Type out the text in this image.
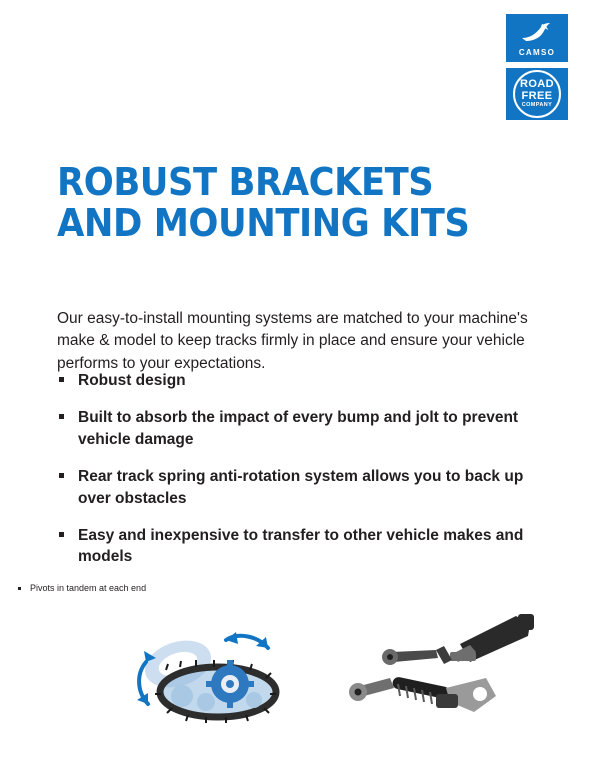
CAMSO
ROAD
FREE
COMPANY
ROBUST BRACKETS
AND MOUNTING KITS

Our easy-to-install mounting systems are matched to your machine's make & model to keep tracks firmly in place and ensure your vehicle performs to your expectations.

Robust design
Built to absorb the impact of every bump and jolt to prevent vehicle damage
Rear track spring anti-rotation system allows you to back up over obstacles
Easy and inexpensive to transfer to other vehicle makes and models
Pivots in tandem at each end
